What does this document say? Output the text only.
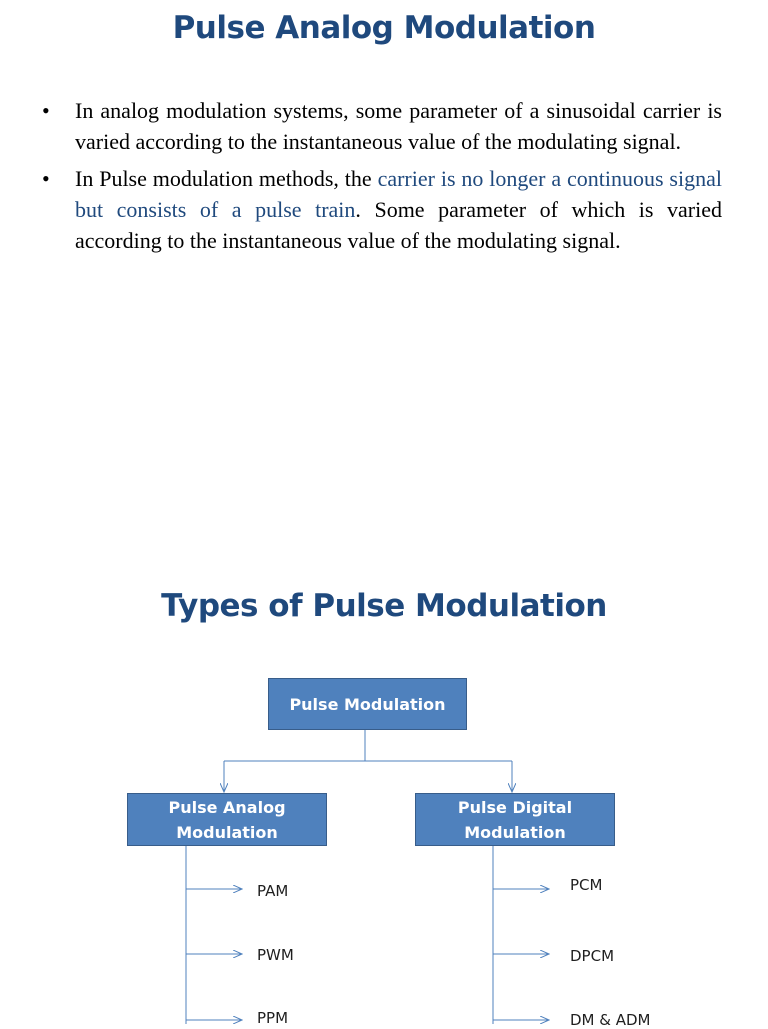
Pulse Analog Modulation
• In analog modulation systems, some parameter of a sinusoidal carrier is varied according to the instantaneous value of the modulating signal.
• In Pulse modulation methods, the carrier is no longer a continuous signal but consists of a pulse train. Some parameter of which is varied according to the instantaneous value of the modulating signal.
Types of Pulse Modulation
Pulse Modulation
Pulse Analog
Modulation
Pulse Digital
Modulation
PAM
PWM
PPM
PCM
DPCM
DM & ADM
